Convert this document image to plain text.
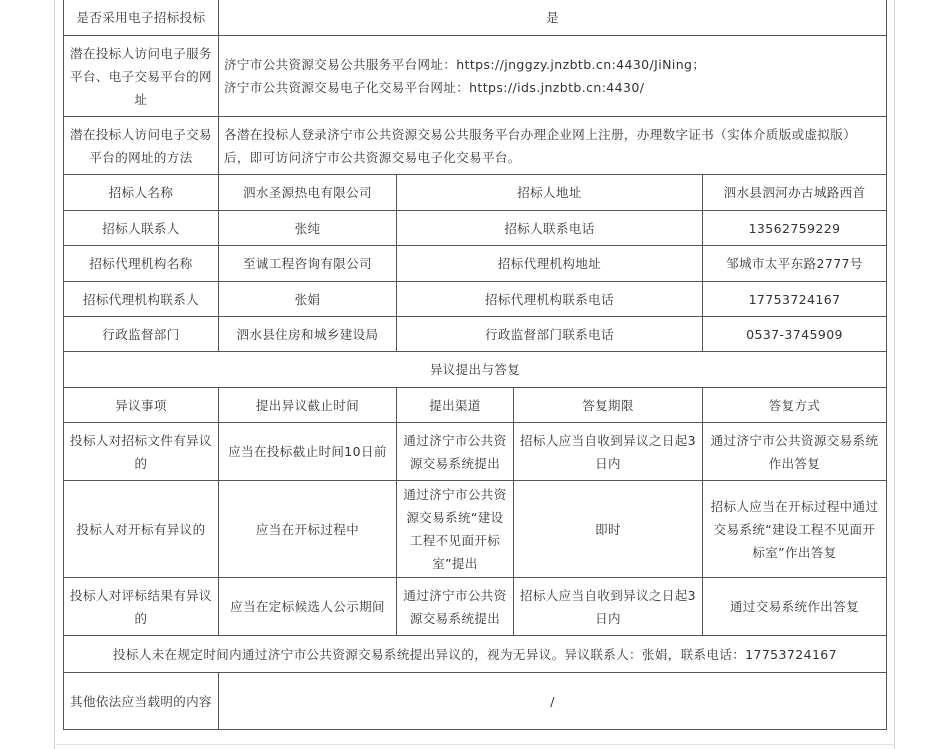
是否采用电子招标投标	是			
潜在投标人访问电子服务平台、电子交易平台的网址	济宁市公共资源交易公共服务平台网址：https://jnggzy.jnzbtb.cn:4430/JiNing；
济宁市公共资源交易电子化交易平台网址：https://ids.jnzbtb.cn:4430/			

潜在投标人访问电子交易平台的网址的方法	各潜在投标人登录济宁市公共资源交易公共服务平台办理企业网上注册，办理数字证书（实体介质版或虚拟版）后，即可访问济宁市公共资源交易电子化交易平台。			
招标人名称	泗水圣源热电有限公司	招标人地址		泗水县泗河办古城路西首
招标人联系人	张纯	招标人联系电话		13562759229
招标代理机构名称	至诚工程咨询有限公司	招标代理机构地址		邹城市太平东路2777号
招标代理机构联系人	张娟	招标代理机构联系电话		17753724167
行政监督部门	泗水县住房和城乡建设局	行政监督部门联系电话		0537-3745909
异议提出与答复				
异议事项	提出异议截止时间	提出渠道	答复期限	答复方式
投标人对招标文件有异议的	应当在投标截止时间10日前	通过济宁市公共资源交易系统提出	招标人应当自收到异议之日起3日内	通过济宁市公共资源交易系统作出答复
投标人对开标有异议的	应当在开标过程中	通过济宁市公共资源交易系统“建设工程不见面开标室”提出	即时	招标人应当在开标过程中通过交易系统“建设工程不见面开标室”作出答复
投标人对评标结果有异议的	应当在定标候选人公示期间	通过济宁市公共资源交易系统提出	招标人应当自收到异议之日起3日内	通过交易系统作出答复
投标人未在规定时间内通过济宁市公共资源交易系统提出异议的，视为无异议。异议联系人：张娟，联系电话：17753724167				
其他依法应当载明的内容	/			
